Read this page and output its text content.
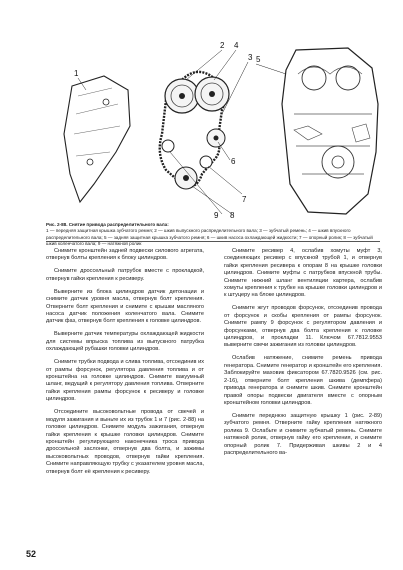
1
2
3
4
5
6
7
8
9
Рис. 2-88. Снятие привода распределительного вала:
1 — передняя защитная крышка зубчатого ремня; 2 — шкив выпускного распределительного вала; 3 — зубчатый ремень; 4 — шкив впускного распределительного вала; 5 — задняя защитная крышка зубчатого ремня; 6 — шкив насоса охлаждающей жидкости; 7 — опорный ролик; 8 — зубчатый шкив коленчатого вала; 9 — натяжной ролик

Снимите кронштейн задней подвески силового агрегата, отвернув болты крепления к блоку цилиндров.

Снимите дроссельный патрубок вместе с прокладкой, отвернув гайки крепления к ресиверу.

Выверните из блока цилиндров датчик детонации и снимите датчик уровня масла, отвернув болт крепления. Отверните болт крепления и снимите с крышки масляного насоса датчик положения коленчатого вала. Снимите датчик фаз, отвернув болт крепления к головке цилиндров.

Выверните датчик температуры охлаждающей жидкости для системы впрыска топлива из выпускного патрубка охлаждающей рубашки головки цилиндров.

Снимите трубки подвода и слива топлива, отсоединив их от рампы форсунок, регулятора давления топлива и от кронштейна на головке цилиндров. Снимите вакуумный шланг, ведущий к регулятору давления топлива. Отверните гайки крепления рампы форсунок к ресиверу и головке цилиндров.

Отсоедините высоковольтные провода от свечей и модуля зажигания и выньте их из трубок 1 и 7 (рис. 2-88) на головке цилиндров. Снимите модуль зажигания, отвернув гайки крепления к крышке головки цилиндров. Снимите кронштейн регулирующего наконечника троса привода дроссельной заслонки, отвернув два болта, и зажимы высоковольтных проводов, отвернув гайки крепления. Снимите направляющую трубку с указателем уровня масла, отвернув болт её крепления к ресиверу.

Снимите ресивер 4, ослабив хомуты муфт 3, соединяющих ресивер с впускной трубой 1, и отвернув гайки крепления ресивера к опорам 8 на крышке головки цилиндров. Снимите муфты с патрубков впускной трубы. Снимите нижний шланг вентиляции картера, ослабив хомуты крепления к трубке на крышке головки цилиндров и к штуцеру на блоке цилиндров.

Снимите жгут проводов форсунок, отсоединив провода от форсунок и скобы крепления от рампы форсунок. Снимите рампу 9 форсунок с регулятором давления и форсунками, отвернув два болта крепления к головке цилиндров, и прокладки 11. Ключом 67.7812.9553 выверните свечи зажигания из головки цилиндров.

Ослабив натяжение, снимите ремень привода генератора. Снимите генератор и кронштейн его крепления. Заблокируйте маховик фиксатором 67.7820.9526 (см. рис. 2-16), отверните болт крепления шкива (демпфера) привода генератора и снимите шкив. Снимите кронштейн правой опоры подвески двигателя вместе с опорным кронштейном головки цилиндров.

Снимите переднюю защитную крышку 1 (рис. 2-89) зубчатого ремня. Отверните гайку крепления натяжного ролика 9. Ослабьте и снимите зубчатый ремень. Снимите натяжной ролик, отвернув гайку его крепления, и снимите опорный ролик 7. Придерживая шкивы 2 и 4 распределительного ва-

52
